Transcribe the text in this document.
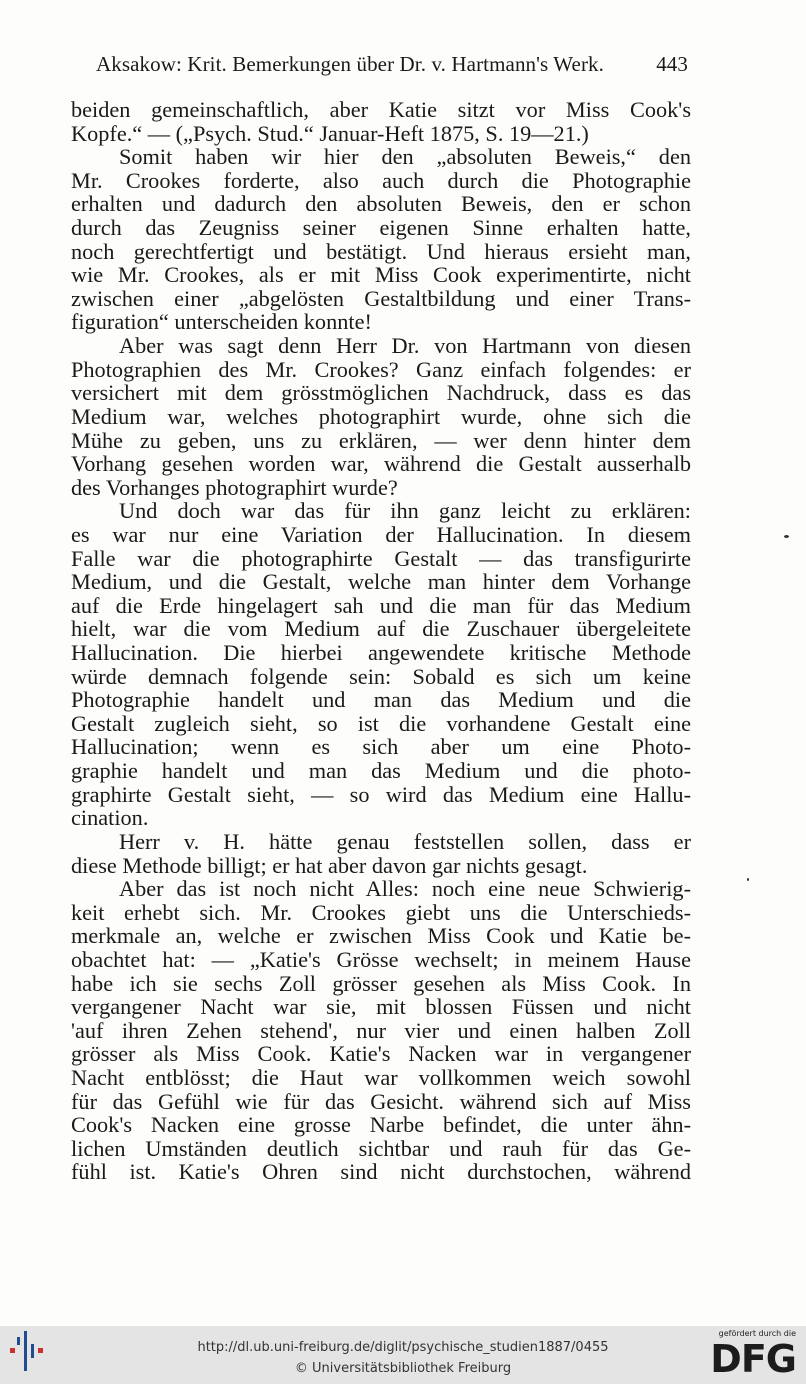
Aksakow: Krit. Bemerkungen über Dr. v. Hartmann's Werk. 443
beiden gemeinschaftlich, aber Katie sitzt vor Miss Cook's
Kopfe.“ — („Psych. Stud.“ Januar-Heft 1875, S. 19—21.)
Somit haben wir hier den „absoluten Beweis,“ den
Mr. Crookes forderte, also auch durch die Photographie
erhalten und dadurch den absoluten Beweis, den er schon
durch das Zeugniss seiner eigenen Sinne erhalten hatte,
noch gerechtfertigt und bestätigt. Und hieraus ersieht man,
wie Mr. Crookes, als er mit Miss Cook experimentirte, nicht
zwischen einer „abgelösten Gestaltbildung und einer Trans-
figuration“ unterscheiden konnte!
Aber was sagt denn Herr Dr. von Hartmann von diesen
Photographien des Mr. Crookes? Ganz einfach folgendes: er
versichert mit dem grösstmöglichen Nachdruck, dass es das
Medium war, welches photographirt wurde, ohne sich die
Mühe zu geben, uns zu erklären, — wer denn hinter dem
Vorhang gesehen worden war, während die Gestalt ausserhalb
des Vorhanges photographirt wurde?
Und doch war das für ihn ganz leicht zu erklären:
es war nur eine Variation der Hallucination. In diesem
Falle war die photographirte Gestalt — das transfigurirte
Medium, und die Gestalt, welche man hinter dem Vorhange
auf die Erde hingelagert sah und die man für das Medium
hielt, war die vom Medium auf die Zuschauer übergeleitete
Hallucination. Die hierbei angewendete kritische Methode
würde demnach folgende sein: Sobald es sich um keine
Photographie handelt und man das Medium und die
Gestalt zugleich sieht, so ist die vorhandene Gestalt eine
Hallucination; wenn es sich aber um eine Photo-
graphie handelt und man das Medium und die photo-
graphirte Gestalt sieht, — so wird das Medium eine Hallu-
cination.
Herr v. H. hätte genau feststellen sollen, dass er
diese Methode billigt; er hat aber davon gar nichts gesagt.
Aber das ist noch nicht Alles: noch eine neue Schwierig-
keit erhebt sich. Mr. Crookes giebt uns die Unterschieds-
merkmale an, welche er zwischen Miss Cook und Katie be-
obachtet hat: — „Katie's Grösse wechselt; in meinem Hause
habe ich sie sechs Zoll grösser gesehen als Miss Cook. In
vergangener Nacht war sie, mit blossen Füssen und nicht
'auf ihren Zehen stehend', nur vier und einen halben Zoll
grösser als Miss Cook. Katie's Nacken war in vergangener
Nacht entblösst; die Haut war vollkommen weich sowohl
für das Gefühl wie für das Gesicht. während sich auf Miss
Cook's Nacken eine grosse Narbe befindet, die unter ähn-
lichen Umständen deutlich sichtbar und rauh für das Ge-
fühl ist. Katie's Ohren sind nicht durchstochen, während
http://dl.ub.uni-freiburg.de/diglit/psychische_studien1887/0455
© Universitätsbibliothek Freiburg
gefördert durch die
DFG
